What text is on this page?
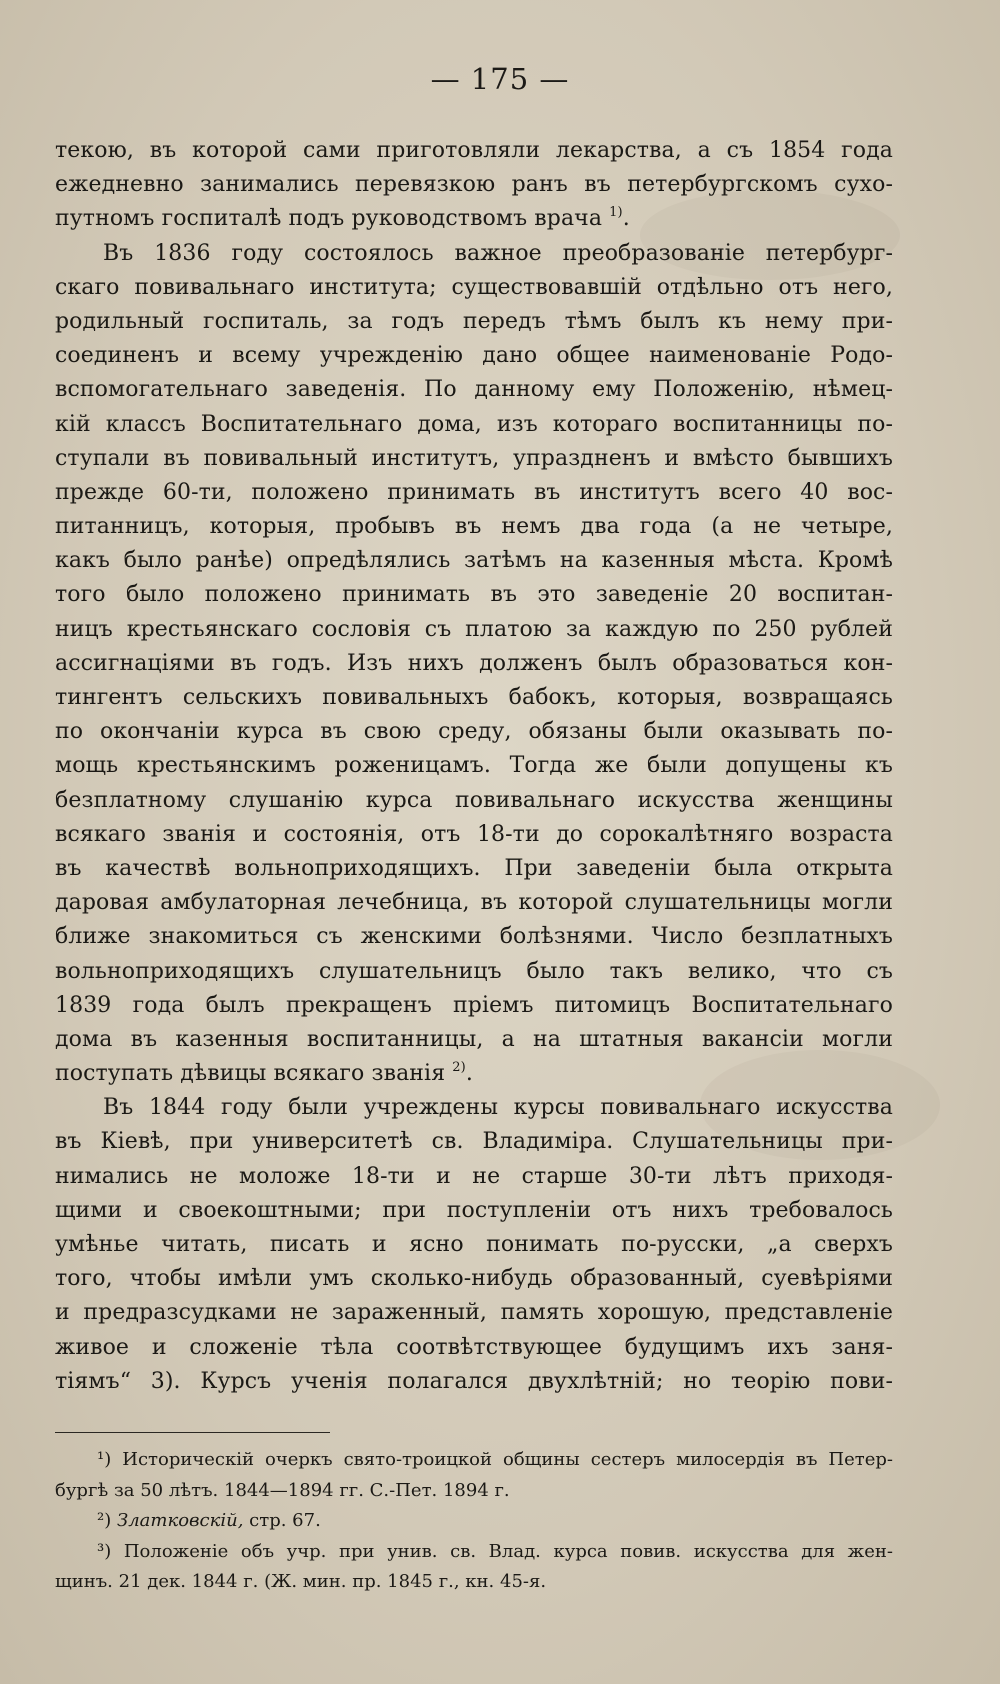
— 175 —
текою, въ которой сами приготовляли лекарства, а съ 1854 года
ежедневно занимались перевязкою ранъ въ петербургскомъ сухо-
путномъ госпиталѣ подъ руководствомъ врача $^{1)}$.
Въ 1836 году состоялось важное преобразованіе петербург-
скаго повивальнаго института; существовавшій отдѣльно отъ него,
родильный госпиталь, за годъ передъ тѣмъ былъ къ нему при-
соединенъ и всему учрежденію дано общее наименованіе Родо-
вспомогательнаго заведенія. По данному ему Положенію, нѣмец-
кій классъ Воспитательнаго дома, изъ котораго воспитанницы по-
ступали въ повивальный институтъ, упраздненъ и вмѣсто бывшихъ
прежде 60-ти, положено принимать въ институтъ всего 40 вос-
питанницъ, которыя, пробывъ въ немъ два года (а не четыре,
какъ было ранѣе) опредѣлялись затѣмъ на казенныя мѣста. Кромѣ
того было положено принимать въ это заведеніе 20 воспитан-
ницъ крестьянскаго сословія съ платою за каждую по 250 рублей
ассигнаціями въ годъ. Изъ нихъ долженъ былъ образоваться кон-
тингентъ сельскихъ повивальныхъ бабокъ, которыя, возвращаясь
по окончаніи курса въ свою среду, обязаны были оказывать по-
мощь крестьянскимъ роженицамъ. Тогда же были допущены къ
безплатному слушанію курса повивальнаго искусства женщины
всякаго званія и состоянія, отъ 18-ти до сорокалѣтняго возраста
въ качествѣ вольноприходящихъ. При заведеніи была открыта
даровая амбулаторная лечебница, въ которой слушательницы могли
ближе знакомиться съ женскими болѣзнями. Число безплатныхъ
вольноприходящихъ слушательницъ было такъ велико, что съ
1839 года былъ прекращенъ пріемъ питомицъ Воспитательнаго
дома въ казенныя воспитанницы, а на штатныя вакансіи могли
поступать дѣвицы всякаго званія $^{2)}$.
Въ 1844 году были учреждены курсы повивальнаго искусства
въ Кіевѣ, при университетѣ св. Владиміра. Слушательницы при-
нимались не моложе 18-ти и не старше 30-ти лѣтъ приходя-
щими и своекоштными; при поступленіи отъ нихъ требовалось
умѣнье читать, писать и ясно понимать по-русски, „а сверхъ
того, чтобы имѣли умъ сколько-нибудь образованный, суевѣріями
и предразсудками не зараженный, память хорошую, представленіе
живое и сложеніе тѣла соотвѣтствующее будущимъ ихъ заня-
тіямъ“ 3). Курсъ ученія полагался двухлѣтній; но теорію пови-
¹) Историческій очеркъ свято-троицкой общины сестеръ милосердія въ Петер-
бургѣ за 50 лѣтъ. 1844—1894 гг. С.-Пет. 1894 г.
²) Златковскій, стр. 67.
³) Положеніе объ учр. при унив. св. Влад. курса повив. искусства для жен-
щинъ. 21 дек. 1844 г. (Ж. мин. пр. 1845 г., кн. 45-я.
